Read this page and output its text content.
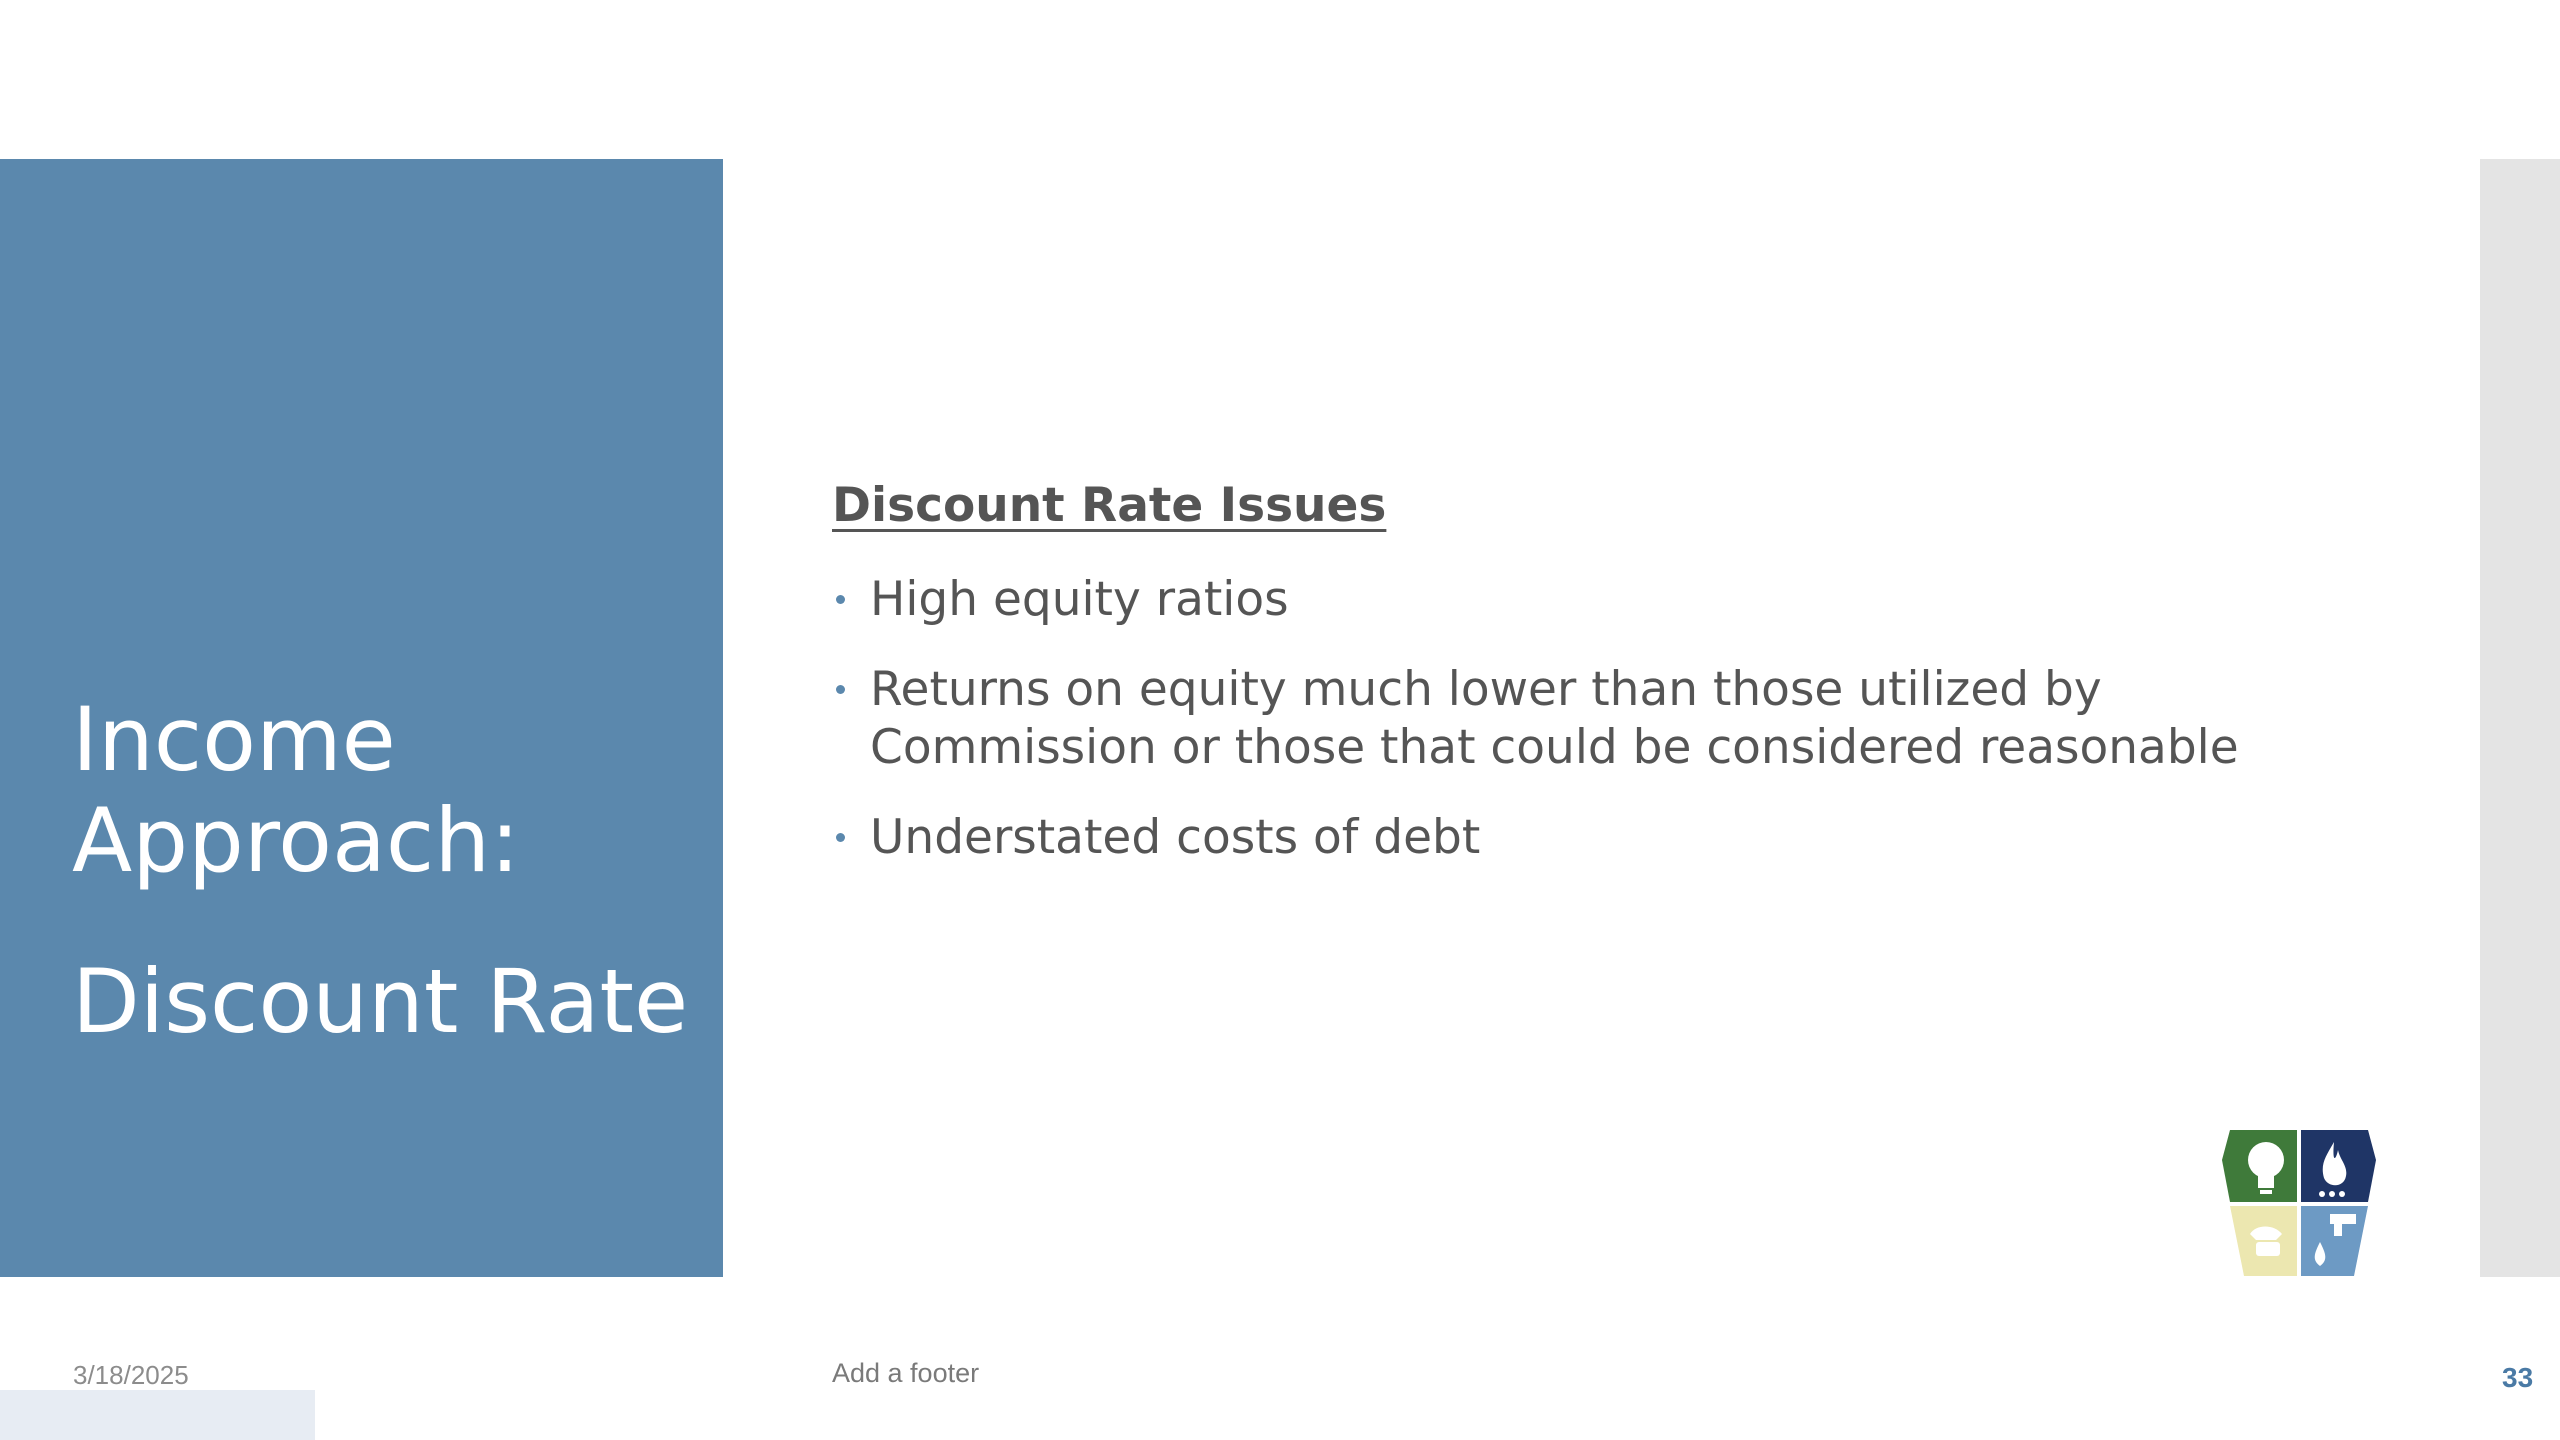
Income
Approach:
Discount Rate
Discount Rate Issues
High equity ratios
Returns on equity much lower than those utilized by Commission or those that could be considered reasonable
Understated costs of debt
3/18/2025	Add a footer	33
